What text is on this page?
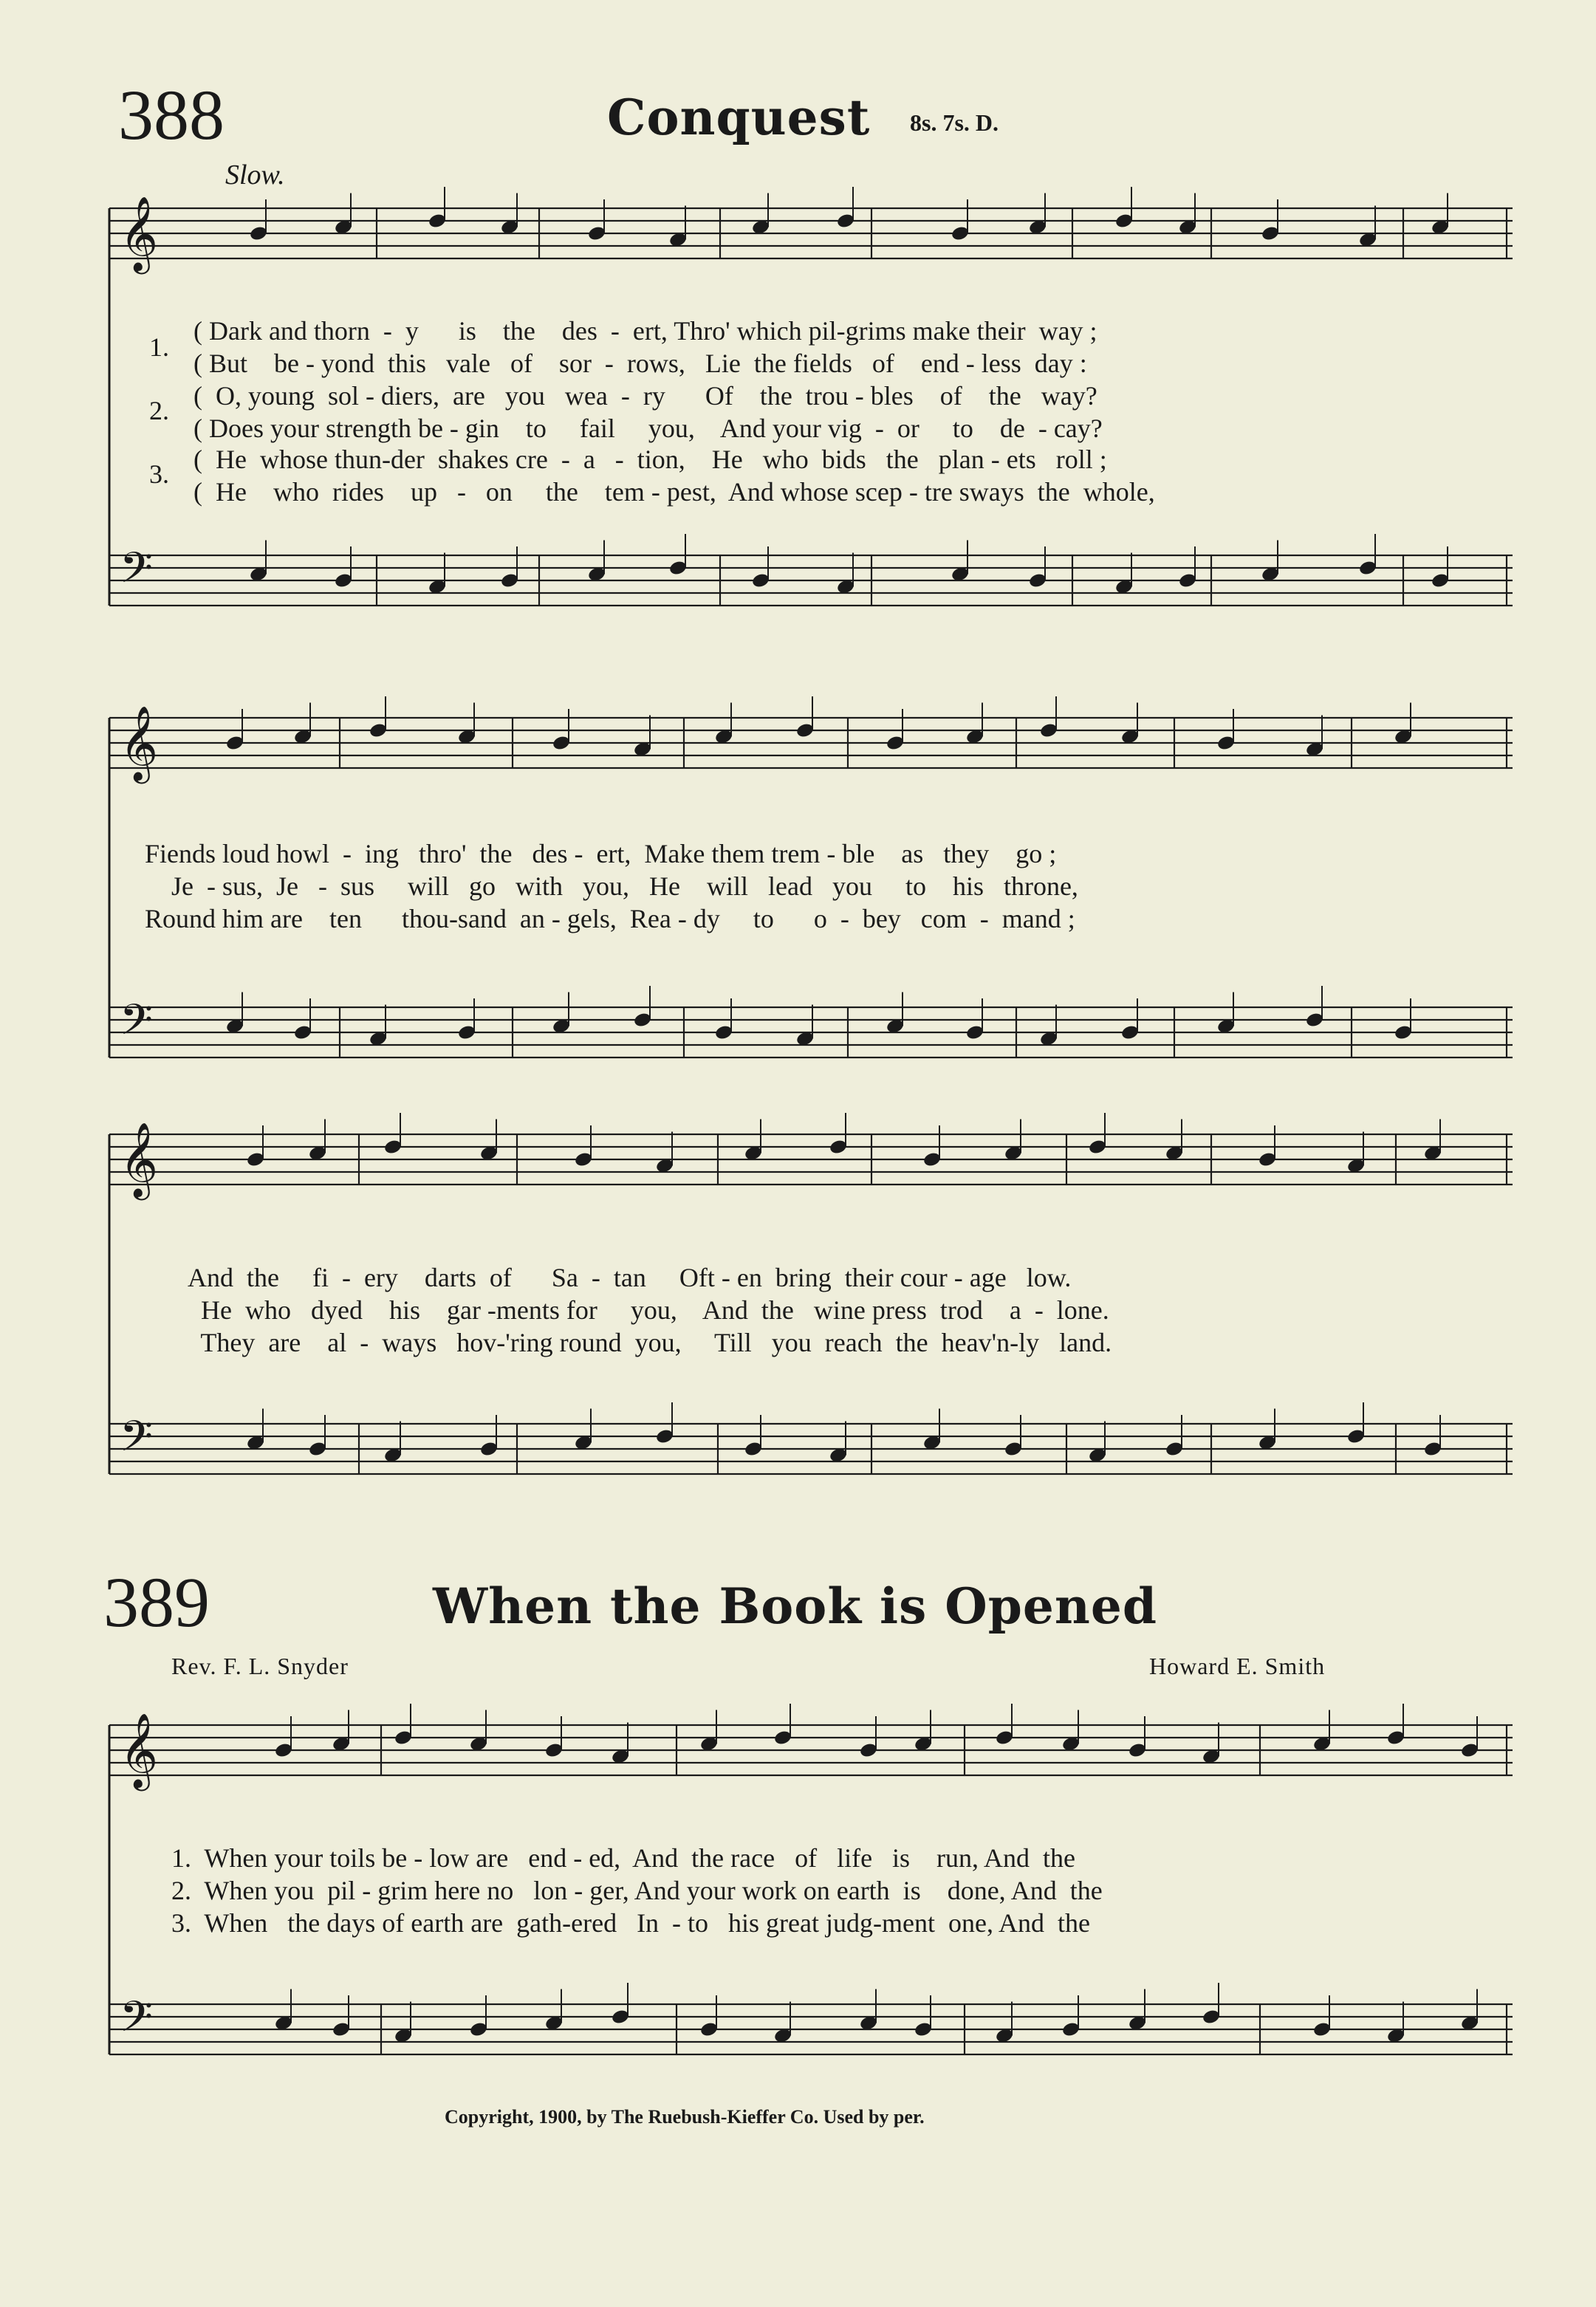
388	Conquest 8s. 7s. D.
Slow.
𝄞
𝄢
𝄞
𝄢
𝄞
𝄢
𝄞
𝄢
1.
2.
3.
( Dark and thorn  -  y      is    the    des  -  ert, Thro' which pil-grims make their  way ;
( But    be - yond  this   vale   of    sor  -  rows,   Lie  the fields   of    end - less  day :
(  O, young  sol - diers,  are   you   wea  -  ry      Of    the  trou - bles    of    the   way?
( Does your strength be - gin    to     fail     you,    And your vig  -  or     to    de  - cay?
(  He  whose thun-der  shakes cre  -  a   -  tion,    He   who  bids   the   plan - ets   roll ;
(  He    who  rides    up   -   on     the    tem - pest,  And whose scep - tre sways  the  whole,
Fiends loud howl  -  ing   thro'  the   des -  ert,  Make them trem - ble    as   they    go ;
Je  - sus,  Je   -  sus     will   go   with   you,   He    will   lead   you     to    his   throne,
Round him are    ten      thou-sand  an - gels,  Rea - dy     to      o  -  bey   com  -  mand ;
And  the     fi  -  ery    darts  of      Sa  -  tan     Oft - en  bring  their cour - age   low.
He  who   dyed    his    gar -ments for     you,    And  the   wine press  trod    a  -  lone.
They  are    al  -  ways   hov-'ring round  you,     Till   you  reach  the  heav'n-ly   land.
389	When the Book is Opened
Rev. F. L. Snyder	Howard E. Smith
1.  When your toils be - low are   end - ed,  And  the race   of   life   is    run, And  the
2.  When you  pil - grim here no   lon - ger, And your work on earth  is    done, And  the
3.  When   the days of earth are  gath-ered   In  - to   his great judg-ment  one, And  the
Copyright, 1900, by The Ruebush-Kieffer Co. Used by per.
